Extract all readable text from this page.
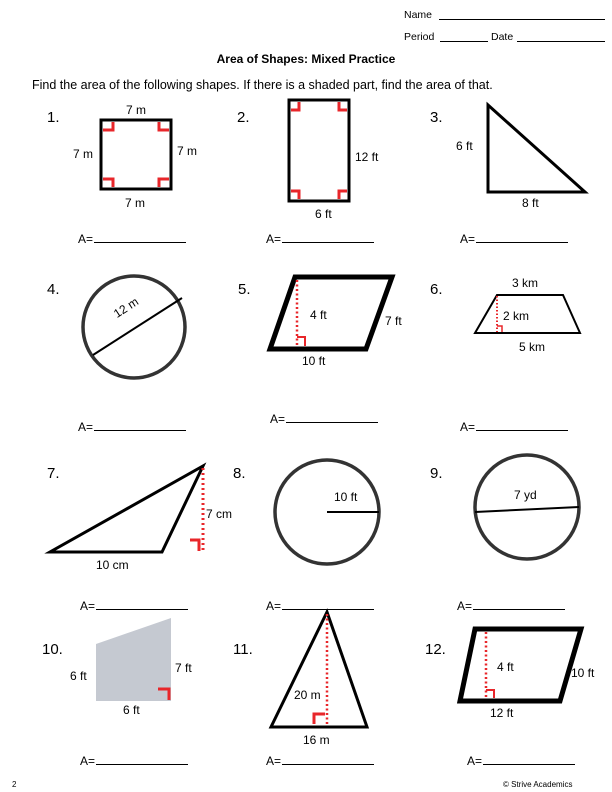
Name
Period	Date
Area of Shapes: Mixed Practice
Find the area of the following shapes. If there is a shaded part, find the area of that.
1.	2.	3.
4.	5.	6.
7.	8.	9.
10.	11.	12.
7 m
7 m	7 m
7 m
12 ft
6 ft
6 ft
8 ft
12 m	4 ft	7 ft
10 ft
3 km
2 km
5 km
7 cm
10 cm
10 ft	7 yd
6 ft
7 ft
6 ft
20 m
16 m
4 ft	10 ft
12 ft
A=	A=	A=
A=
A=
A=
A=	A=	A=
A=	A=	A=
2	© Strive Academics
